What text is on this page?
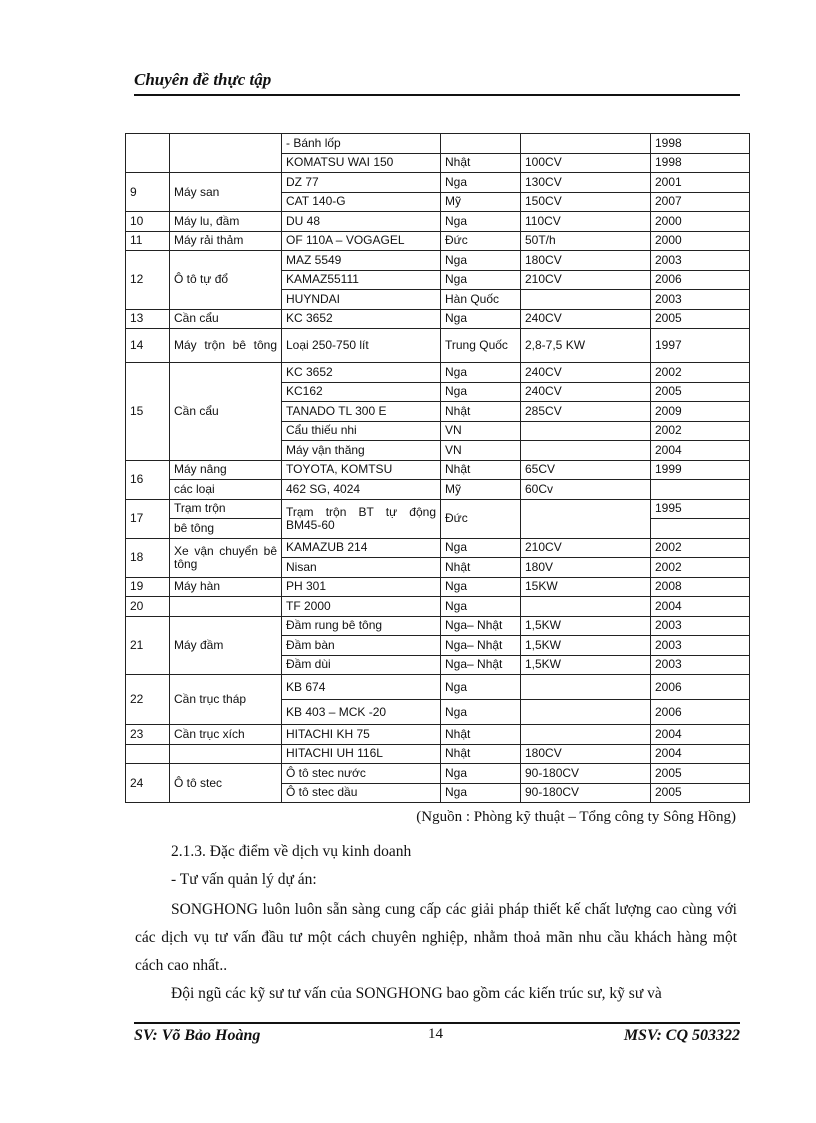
Chuyên đề thực tập
		- Bánh lốp			1998
		KOMATSU WAI 150	Nhật	100CV	1998
9	Máy san	DZ 77	Nga	130CV	2001
		CAT 140-G	Mỹ	150CV	2007
10	Máy lu, đầm	DU 48	Nga	110CV	2000
11	Máy rải thảm	OF 110A – VOGAGEL	Đức	50T/h	2000
12	Ô tô tự đổ	MAZ 5549	Nga	180CV	2003
		KAMAZ55111	Nga	210CV	2006
		HUYNDAI	Hàn Quốc		2003
13	Cần cẩu	KC 3652	Nga	240CV	2005
14	Máy trộn bê tông	Loại 250-750 lít	Trung Quốc	2,8-7,5 KW	1997
15	Cần cẩu	KC 3652	Nga	240CV	2002
		KC162	Nga	240CV	2005
		TANADO TL 300 E	Nhật	285CV	2009
		Cẩu thiếu nhi	VN		2002
		Máy vận thăng	VN		2004
16	Máy nâng	TOYOTA, KOMTSU	Nhật	65CV	1999
	các loại	462 SG, 4024	Mỹ	60Cv	
17	Trạm trộn	Trạm trộn BT tự động BM45-60	Đức		1995
	bê tông				
18	Xe vận chuyển bê tông	KAMAZUB 214	Nga	210CV	2002
		Nisan	Nhật	180V	2002
19	Máy hàn	PH 301	Nga	15KW	2008
20		TF 2000	Nga		2004
21	Máy đầm	Đầm rung bê tông	Nga– Nhật	1,5KW	2003
		Đầm bàn	Nga– Nhật	1,5KW	2003
		Đầm dùi	Nga– Nhật	1,5KW	2003
22	Cần trục tháp	KB 674	Nga		2006
		KB 403 – MCK -20	Nga		2006
23	Cần trục xích	HITACHI KH 75	Nhật		2004
		HITACHI UH 116L	Nhật	180CV	2004
24	Ô tô stec	Ô tô stec nước	Nga	90-180CV	2005
		Ô tô stec dầu	Nga	90-180CV	2005
(Nguồn : Phòng kỹ thuật – Tổng công ty Sông Hồng)
2.1.3. Đặc điểm về dịch vụ kinh doanh
- Tư vấn quản lý dự án:
SONGHONG luôn luôn sẵn sàng cung cấp các giải pháp thiết kế chất lượng cao cùng với các dịch vụ tư vấn đầu tư một cách chuyên nghiệp, nhằm thoả mãn nhu cầu khách hàng một cách cao nhất..
Đội ngũ các kỹ sư tư vấn của SONGHONG bao gồm các kiến trúc sư, kỹ sư và
SV: Võ Bảo Hoàng	14	MSV: CQ 503322
